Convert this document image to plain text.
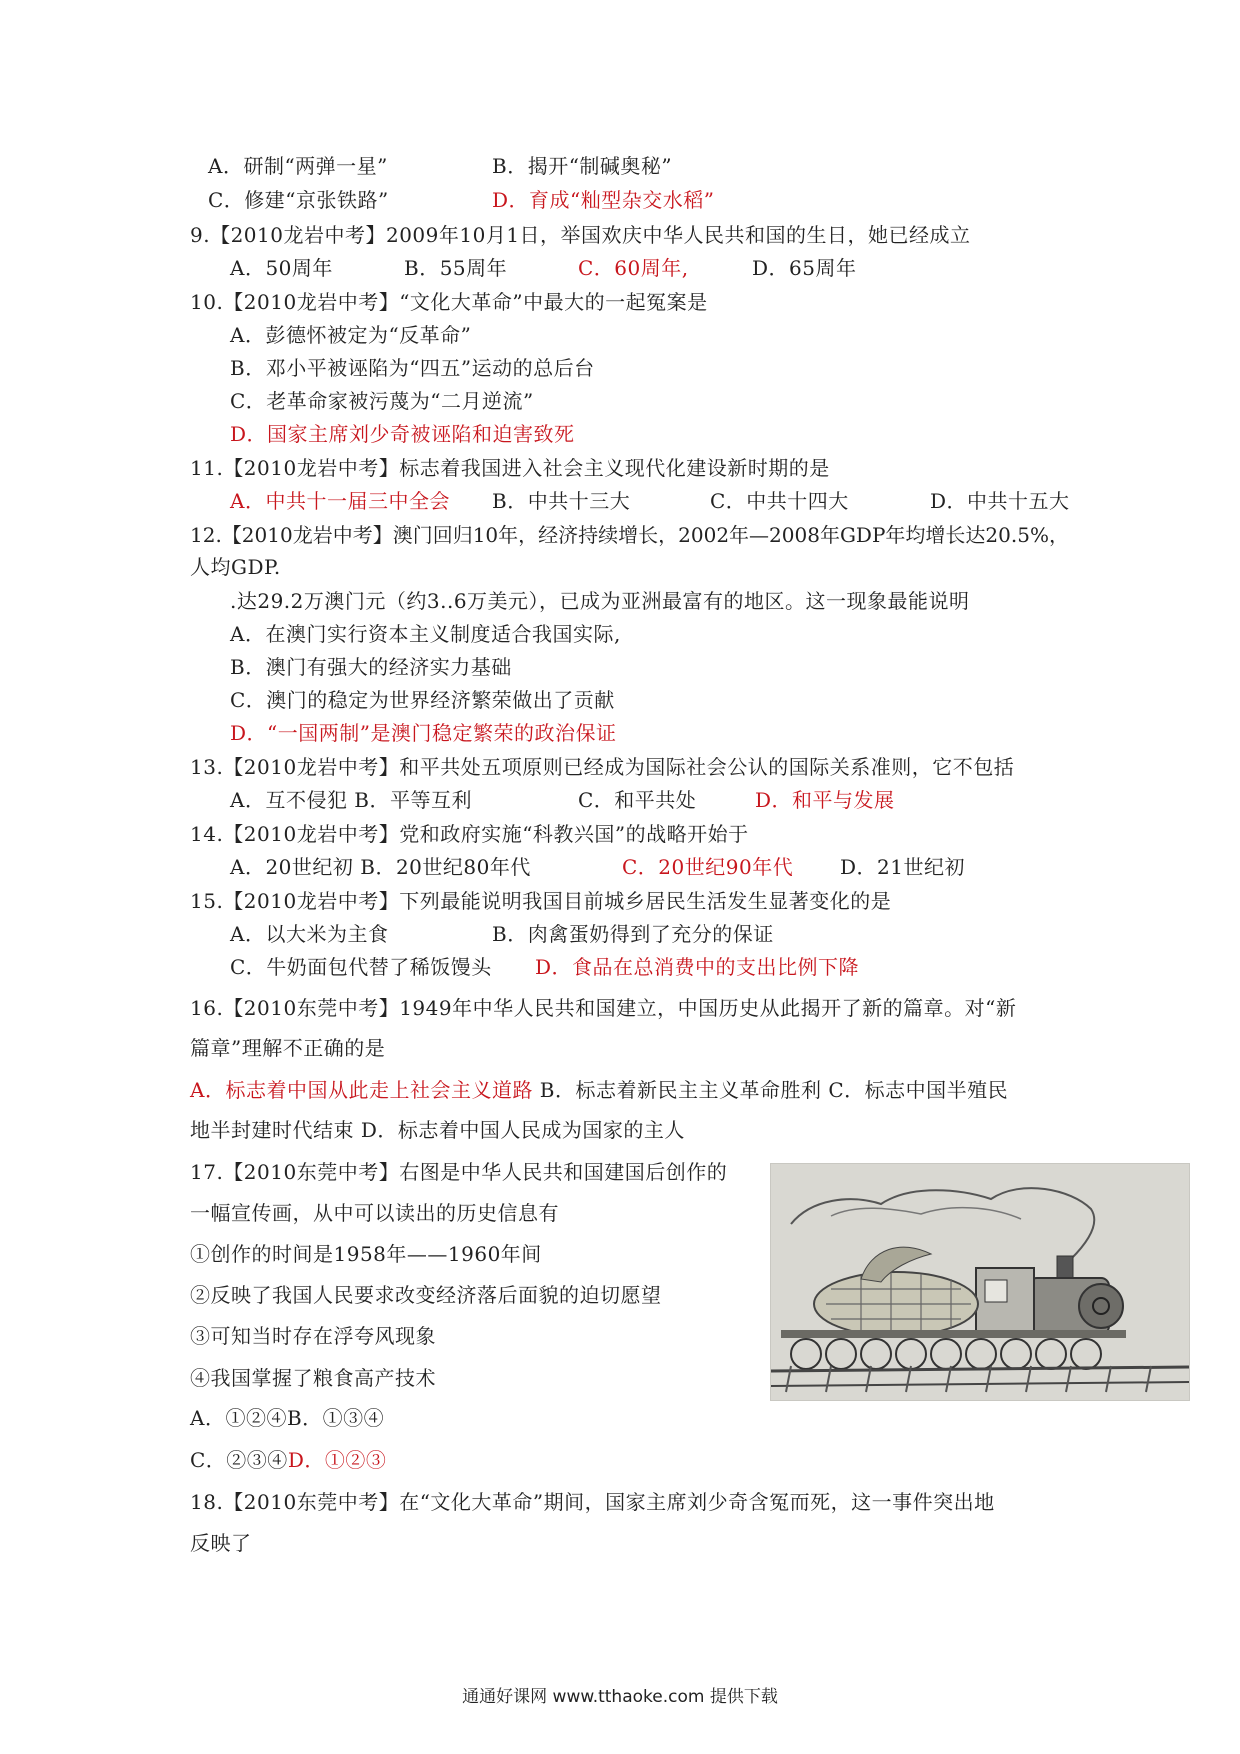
A．研制“两弹一星”	B．揭开“制碱奥秘”
C．修建“京张铁路”	D．育成“籼型杂交水稻”
9.【2010龙岩中考】2009年10月1日，举国欢庆中华人民共和国的生日，她已经成立
A．50周年	B．55周年	C．60周年,	D．65周年
10.【2010龙岩中考】“文化大革命”中最大的一起冤案是
A．彭德怀被定为“反革命”
B．邓小平被诬陷为“四五”运动的总后台
C．老革命家被污蔑为“二月逆流”
D．国家主席刘少奇被诬陷和迫害致死
11.【2010龙岩中考】标志着我国进入社会主义现代化建设新时期的是
A．中共十一届三中全会 B．中共十三大	C．中共十四大	D．中共十五大
12.【2010龙岩中考】澳门回归10年，经济持续增长，2002年—2008年GDP年均增长达20.5%，
人均GDP.
.达29.2万澳门元（约3..6万美元），已成为亚洲最富有的地区。这一现象最能说明
A．在澳门实行资本主义制度适合我国实际,
B．澳门有强大的经济实力基础
C．澳门的稳定为世界经济繁荣做出了贡献
D．“一国两制”是澳门稳定繁荣的政治保证
13.【2010龙岩中考】和平共处五项原则已经成为国际社会公认的国际关系准则，它不包括
A．互不侵犯 B．平等互利	C．和平共处	D．和平与发展
14.【2010龙岩中考】党和政府实施“科教兴国”的战略开始于
A．20世纪初 B．20世纪80年代	C．20世纪90年代 D．21世纪初
15.【2010龙岩中考】下列最能说明我国目前城乡居民生活发生显著变化的是
A．以大米为主食	B．肉禽蛋奶得到了充分的保证
C．牛奶面包代替了稀饭馒头 D．食品在总消费中的支出比例下降
16.【2010东莞中考】1949年中华人民共和国建立，中国历史从此揭开了新的篇章。对“新
篇章”理解不正确的是
A．标志着中国从此走上社会主义道路 B．标志着新民主主义革命胜利 C．标志中国半殖民
地半封建时代结束 D．标志着中国人民成为国家的主人
17.【2010东莞中考】右图是中华人民共和国建国后创作的
一幅宣传画，从中可以读出的历史信息有
①创作的时间是1958年——1960年间
②反映了我国人民要求改变经济落后面貌的迫切愿望
③可知当时存在浮夸风现象
④我国掌握了粮食高产技术
A．①②④B．①③④
C．②③④D．①②③
18.【2010东莞中考】在“文化大革命”期间，国家主席刘少奇含冤而死，这一事件突出地
反映了
通通好课网 www.tthaoke.com 提供下载
